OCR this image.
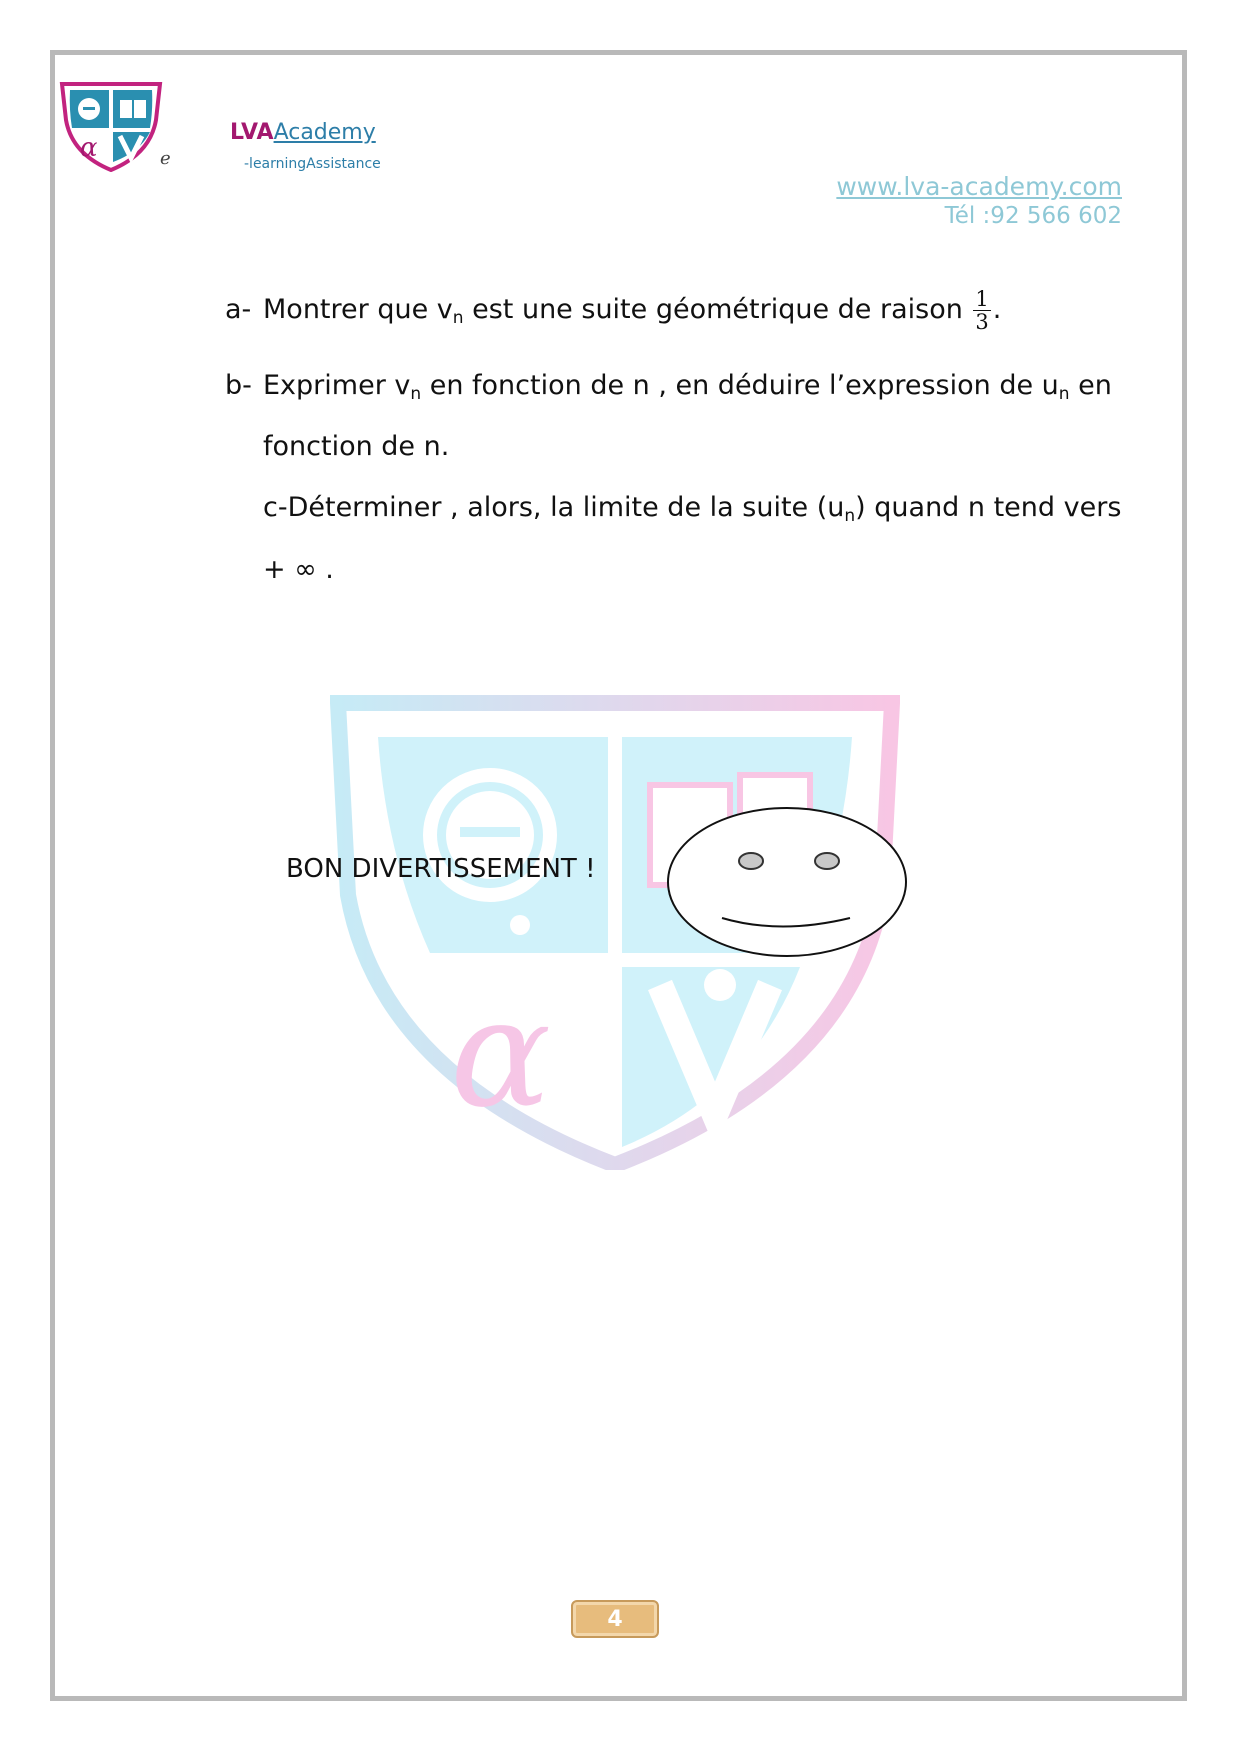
α	e
LVAAcademy
-learningAssistance
www.lva-academy.com
Tél :92 566 602
α
a- Montrer que $v_n$ est une suite géométrique de raison $\frac{1}{3}$ .
b- Exprimer $v_n$ en fonction de n , en déduire l’expression de $u_n$ en
fonction de n.
c-Déterminer , alors, la limite de la suite $(u_n)$ quand n tend vers
+ ∞ .
BON DIVERTISSEMENT !
4
